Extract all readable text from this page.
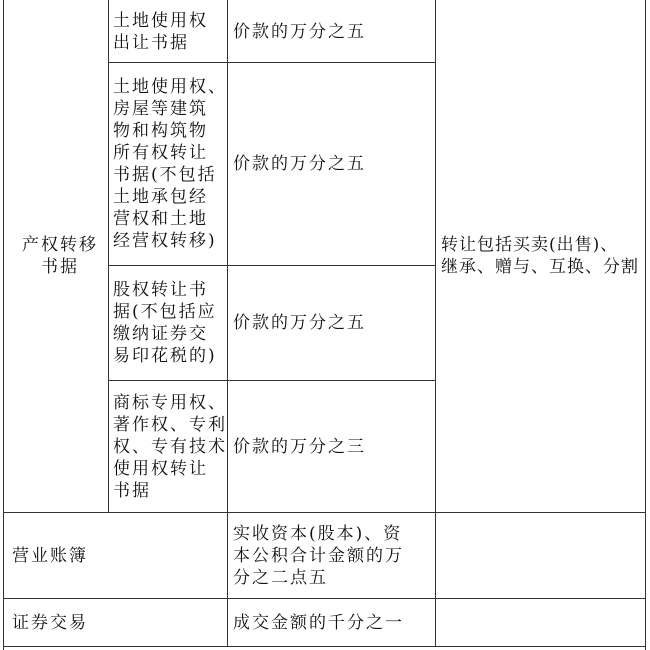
产权转移
书据
土地使用权
出让书据
价款的万分之五
土地使用权、
房屋等建筑
物和构筑物
所有权转让
书据(不包括
土地承包经
营权和土地
经营权转移)
价款的万分之五
股权转让书
据(不包括应
缴纳证券交
易印花税的)
价款的万分之五
商标专用权、
著作权、专利
权、专有技术
使用权转让
书据
价款的万分之三
转让包括买卖(出售)、
继承、赠与、互换、分割
营业账簿
实收资本(股本)、资
本公积合计金额的万
分之二点五
证券交易	成交金额的千分之一
